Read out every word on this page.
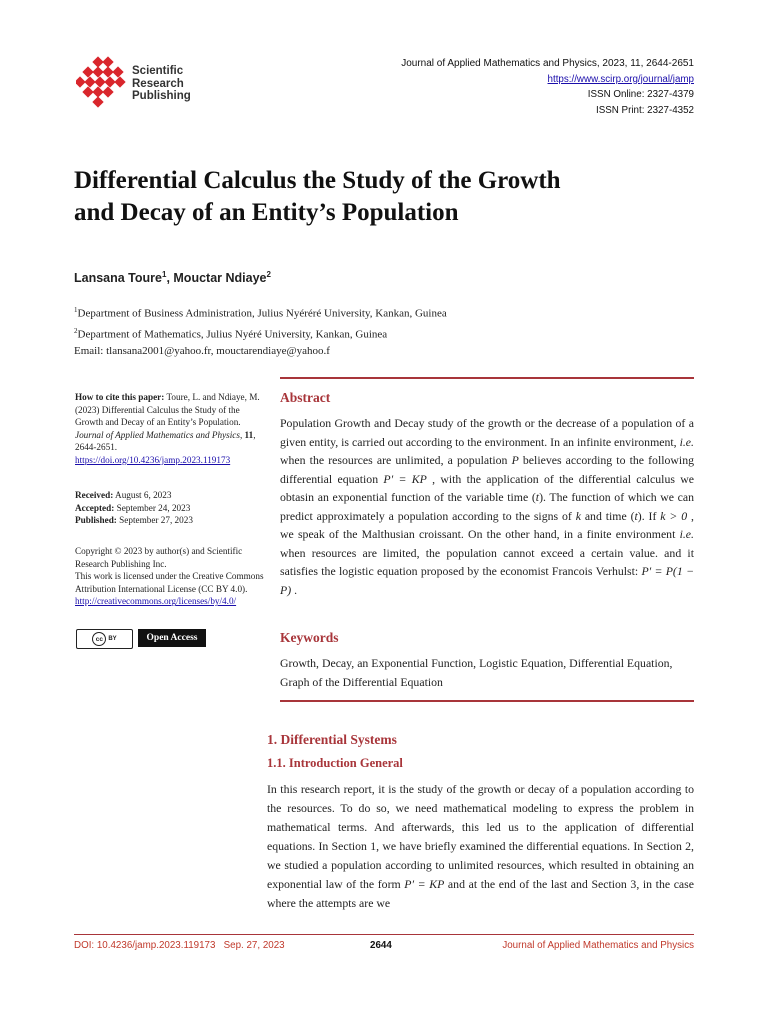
Scientific
Research
Publishing
Journal of Applied Mathematics and Physics, 2023, 11, 2644-2651
https://www.scirp.org/journal/jamp
ISSN Online: 2327-4379
ISSN Print: 2327-4352
Differential Calculus the Study of the Growth
and Decay of an Entity’s Population
Lansana Toure$^1$, Mouctar Ndiaye$^2$
$^1$Department of Business Administration, Julius Nyéréré University, Kankan, Guinea
$^2$Department of Mathematics, Julius Nyéré University, Kankan, Guinea
Email: tlansana2001@yahoo.fr, mouctarendiaye@yahoo.f
How to cite this paper: Toure, L. and Ndiaye, M. (2023) Differential Calculus the Study of the Growth and Decay of an Entity’s Population. Journal of Applied Mathematics and Physics, 11, 2644-2651.
https://doi.org/10.4236/jamp.2023.119173
Received: August 6, 2023
Accepted: September 24, 2023
Published: September 27, 2023
Copyright © 2023 by author(s) and Scientific Research Publishing Inc.
This work is licensed under the Creative Commons Attribution International License (CC BY 4.0).
http://creativecommons.org/licenses/by/4.0/
cc BY	Open Access
Abstract
Population Growth and Decay study of the growth or the decrease of a population of a given entity, is carried out according to the environment. In an infinite environment, i.e. when the resources are unlimited, a population P believes according to the following differential equation P′ = KP , with the application of the differential calculus we obtasin an exponential function of the variable time (t). The function of which we can predict approximately a population according to the signs of k and time (t). If k > 0 , we speak of the Malthusian croissant. On the other hand, in a finite environment i.e. when resources are limited, the population cannot exceed a certain value. and it satisfies the logistic equation proposed by the economist Francois Verhulst: P′ = P(1 − P) .
Keywords
Growth, Decay, an Exponential Function, Logistic Equation, Differential Equation, Graph of the Differential Equation
1. Differential Systems
1.1. Introduction General
In this research report, it is the study of the growth or decay of a population according to the resources. To do so, we need mathematical modeling to express the problem in mathematical terms. And afterwards, this led us to the application of differential equations. In Section 1, we have briefly examined the differential equations. In Section 2, we studied a population according to unlimited resources, which resulted in obtaining an exponential law of the form P′ = KP and at the end of the last and Section 3, in the case where the attempts are we
DOI: 10.4236/jamp.2023.119173 Sep. 27, 2023	2644	Journal of Applied Mathematics and Physics
